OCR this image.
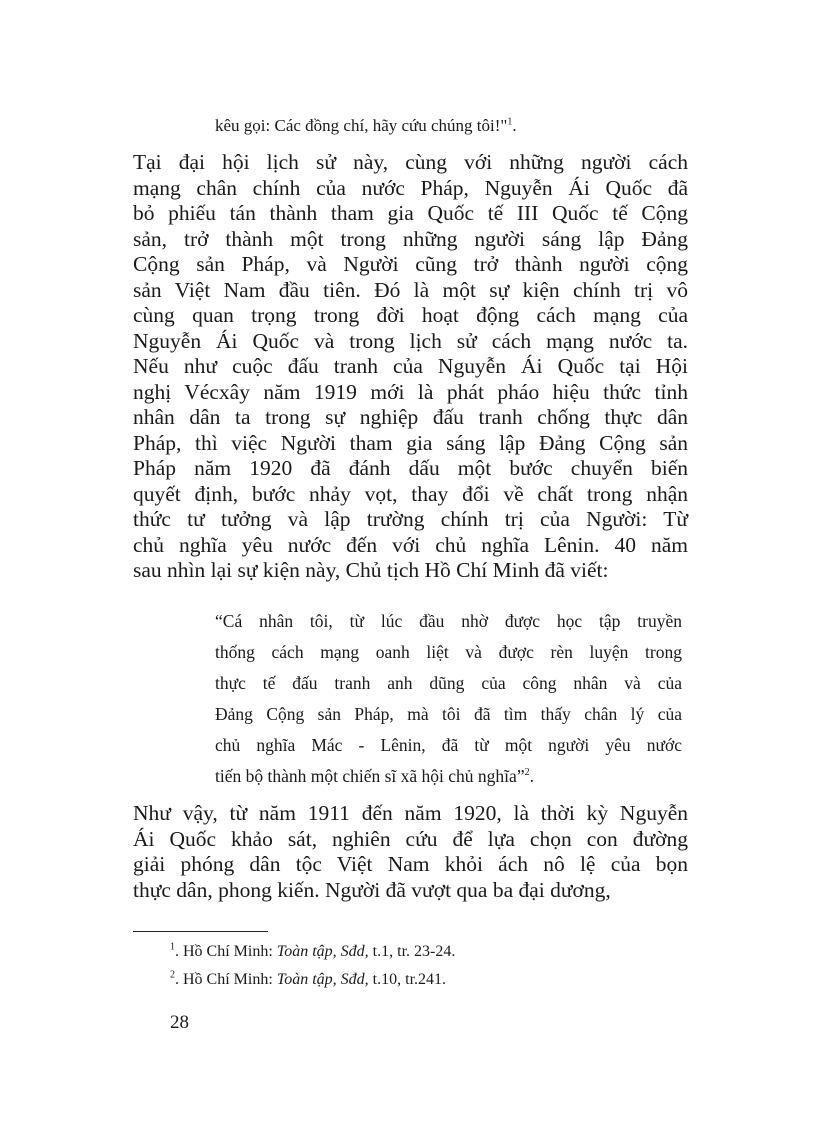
kêu gọi: Các đồng chí, hãy cứu chúng tôi!"$^1$.
Tại đại hội lịch sử này, cùng với những người cách
mạng chân chính của nước Pháp, Nguyễn Ái Quốc đã
bỏ phiếu tán thành tham gia Quốc tế III Quốc tế Cộng
sản, trở thành một trong những người sáng lập Đảng
Cộng sản Pháp, và Người cũng trở thành người cộng
sản Việt Nam đầu tiên. Đó là một sự kiện chính trị vô
cùng quan trọng trong đời hoạt động cách mạng của
Nguyễn Ái Quốc và trong lịch sử cách mạng nước ta.
Nếu như cuộc đấu tranh của Nguyễn Ái Quốc tại Hội
nghị Vécxây năm 1919 mới là phát pháo hiệu thức tỉnh
nhân dân ta trong sự nghiệp đấu tranh chống thực dân
Pháp, thì việc Người tham gia sáng lập Đảng Cộng sản
Pháp năm 1920 đã đánh dấu một bước chuyển biến
quyết định, bước nhảy vọt, thay đổi về chất trong nhận
thức tư tưởng và lập trường chính trị của Người: Từ
chủ nghĩa yêu nước đến với chủ nghĩa Lênin. 40 năm
sau nhìn lại sự kiện này, Chủ tịch Hồ Chí Minh đã viết:
“Cá nhân tôi, từ lúc đầu nhờ được học tập truyền
thống cách mạng oanh liệt và được rèn luyện trong
thực tế đấu tranh anh dũng của công nhân và của
Đảng Cộng sản Pháp, mà tôi đã tìm thấy chân lý của
chủ nghĩa Mác - Lênin, đã từ một người yêu nước
tiến bộ thành một chiến sĩ xã hội chủ nghĩa”$^2$.
Như vậy, từ năm 1911 đến năm 1920, là thời kỳ Nguyễn
Ái Quốc khảo sát, nghiên cứu để lựa chọn con đường
giải phóng dân tộc Việt Nam khỏi ách nô lệ của bọn
thực dân, phong kiến. Người đã vượt qua ba đại dương,
$^1$. Hồ Chí Minh: Toàn tập, Sđd, t.1, tr. 23-24.
$^2$. Hồ Chí Minh: Toàn tập, Sđd, t.10, tr.241.
28
